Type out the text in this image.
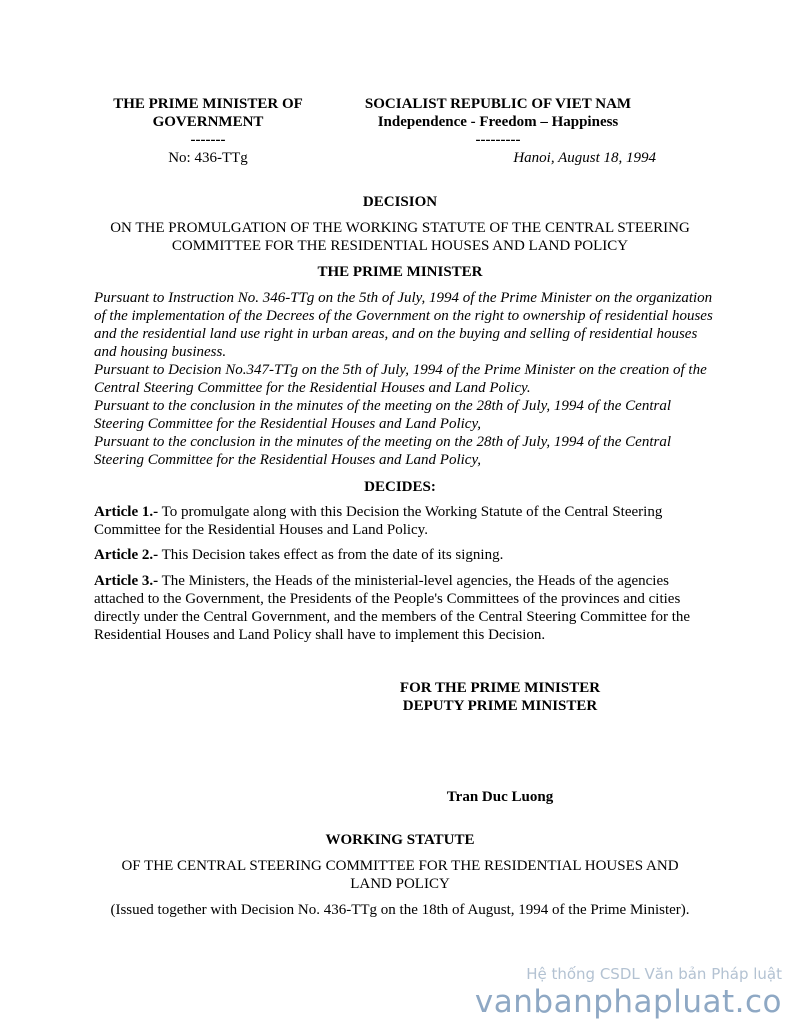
THE PRIME MINISTER OF
GOVERNMENT
-------
No: 436-TTg
SOCIALIST REPUBLIC OF VIET NAM
Independence - Freedom – Happiness
---------
Hanoi, August 18, 1994
DECISION
ON THE PROMULGATION OF THE WORKING STATUTE OF THE CENTRAL STEERING COMMITTEE FOR THE RESIDENTIAL HOUSES AND LAND POLICY
THE PRIME MINISTER
Pursuant to Instruction No. 346-TTg on the 5th of July, 1994 of the Prime Minister on the organization of the implementation of the Decrees of the Government on the right to ownership of residential houses and the residential land use right in urban areas, and on the buying and selling of residential houses and housing business.
Pursuant to Decision No.347-TTg on the 5th of July, 1994 of the Prime Minister on the creation of the Central Steering Committee for the Residential Houses and Land Policy.
Pursuant to the conclusion in the minutes of the meeting on the 28th of July, 1994 of the Central Steering Committee for the Residential Houses and Land Policy,
Pursuant to the conclusion in the minutes of the meeting on the 28th of July, 1994 of the Central Steering Committee for the Residential Houses and Land Policy,
DECIDES:
Article 1.- To promulgate along with this Decision the Working Statute of the Central Steering Committee for the Residential Houses and Land Policy.
Article 2.- This Decision takes effect as from the date of its signing.
Article 3.- The Ministers, the Heads of the ministerial-level agencies, the Heads of the agencies attached to the Government, the Presidents of the People's Committees of the provinces and cities directly under the Central Government, and the members of the Central Steering Committee for the Residential Houses and Land Policy shall have to implement this Decision.
FOR THE PRIME MINISTER
DEPUTY PRIME MINISTER
Tran Duc Luong
WORKING STATUTE
OF THE CENTRAL STEERING COMMITTEE FOR THE RESIDENTIAL HOUSES AND LAND POLICY
(Issued together with Decision No. 436-TTg on the 18th of August, 1994 of the Prime Minister).
Hệ thống CSDL Văn bản Pháp luật
vanbanphapluat.co
